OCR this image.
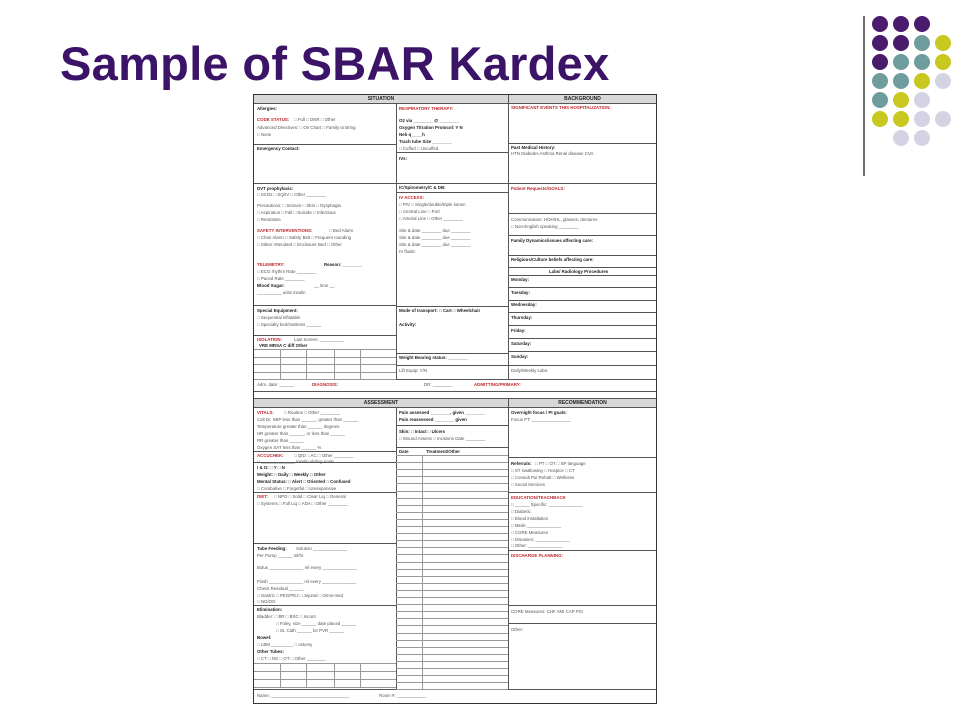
Sample of SBAR Kardex
SITUATION	BACKGROUND
Allergies:
CODE STATUS: □ Full □ DNR □ Other
Advanced Directives: □ On Chart □ Family to Bring
□ None
Emergency Contact:
DVT prophylaxis:
□ SCDs □ SQ/IV □ Other ________
Precautions: □ Seizure □ Skin □ Dysphagia
□ Aspiration □ Fall □ Suicide □ Infectious
□ Restraints
SAFETY INTERVENTIONS:	□ Bed Alarm
□ Chair Alarm □ Safety Belt □ Frequent rounding
□ Sitter/ Attendant □ Enclosure Bed □ Other
TELEMETRY:	Reason: ________
□ ECG rhythm Rate ________
□ Paced Rate ________
Blood Sugar:	__ time __
__________ units insulin
Special Equipment:
□ Sequential inflatable
□ Specialty bed/mattress ______
ISOLATION:	Last Screen: __________
VRE MRSA C diff Other
Adm. date: ______	DIAGNOSIS:	DR: ________	ADMITTING/PRIMARY:
RESPIRATORY THERAPY:
O2 via ________ @ ________
Oxygen Titration Protocol: Y N
Neb q ____h
Trach tube Size ________
□ Cuffed □ Uncuffed
IVs:
IC/Spirometry/C & DB:
IV ACCESS:
□ PIV □ Single/double/triple lumen
□ Central Line □ Port
□ Arterial Line □ Other ________
Site & date ________ due ________
Site & date ________ due ________
Site & date ________ due ________
IV fluids:
Mode of transport: □ Cart □ Wheelchair
Activity:
Weight Bearing status: ________
Lift Equip: Y/N
SIGNIFICANT EVENTS THIS HOSPITALIZATION:
Past Medical History:
HTN Diabetes Asthma Renal disease CVA
Patient Requests/GOALS:
Communication: HOH/HL, glasses, dentures
□ Non-English speaking ________
Family Dynamics/issues affecting care:
Religious/Culture beliefs affecting care:
Labs/ Radiology Procedures
Monday:
Tuesday:
Wednesday:
Thursday:
Friday:
Saturday:
Sunday:
Daily/Weekly Labs:
ASSESSMENT	RECOMMENDATION
VITALS: □ Routine □ Other ________
Call Dr. SBP less than ______, greater than ______
Temperature greater than ______ degrees
HR greater than ______, or less than ______
RR greater than ______
Oxygen SAT less than ______ %
ACCUCHEK: □ QID □ AC □ Other ________
□ ______________ insulin sliding scale
I & O: □ Y □ N
Weight: □ Daily □ Weekly □ Other
Mental Status: □ Alert □ Oriented □ Confused
□ Combative □ Forgetful □ Unresponsive
DIET: □ NPO □ Solid □ Clear Liq □ General
□ Systems □ Full Liq □ ADA □ Other ________
Tube Feeding: Solution ______________
Per Pump ______ ml/hr
Bolus ______________ ml every ______________
Flush ______________ ml every ______________
Check Residual ______
□ Gastric □ PEG/PEJ □ Jejunal □ Omni-med
□ NG/OG
Elimination:
Bladder: □ BR □ BSC □ Incont
□ Foley, size ______ date placed ______
□ St. Cath ______ for PVR ______
Bowel:
□ LBM _________ □ ostomy
Other Tubes:
□ CT □ NG □ OT □ Other ________
Name: ________________________________	Room #: ____________
Pain assessed ________, given ________
Pain reassessed ________ given
Skin: □ Intact □ Ulcers
□ Wound Assess □ Incisions Date ________
Date	Treatment/Other
Overnight focus / Pt goals:
Focus PT: ________________
Referrals: □ PT □ OT □ SP language
□ ST swallowing □ Hospice □ CT
□ Consult Pul Rehab □ Wellness
□ Social Services
EDUCATION/TEACHBACK
□ ______ Specific: ______________
□ Diabetic
□ Blood installation
□ Meds ______________
□ CORE Measures
□ Diseases: ______________
□ Other: ______________
DISCHARGE PLANNING:
CORE Measures: CHF AMI CAP PSI
Other:
